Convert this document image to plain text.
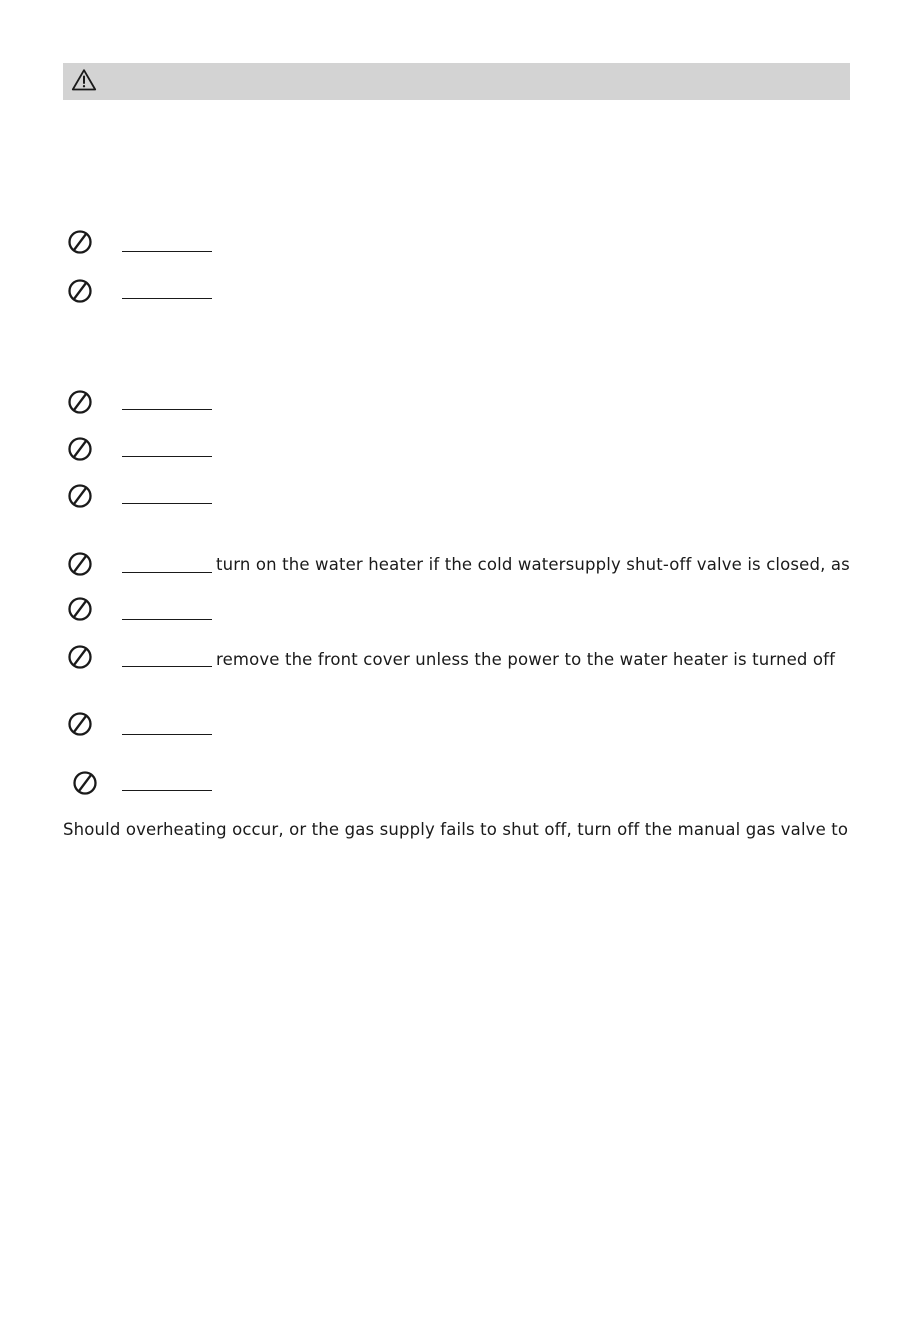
turn on the water heater if the cold watersupply shut-off valve is closed, as
remove the front cover unless the power to the water heater is turned off
Should overheating occur, or the gas supply fails to shut off, turn off the manual gas valve to
